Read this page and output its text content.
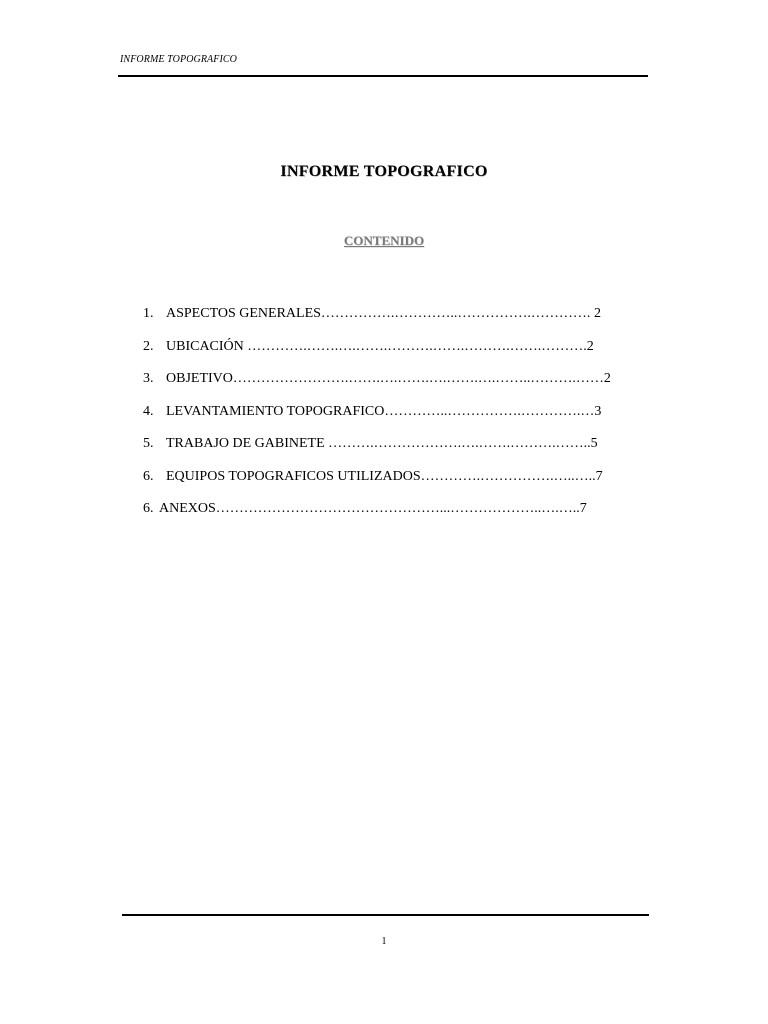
INFORME TOPOGRAFICO
INFORME TOPOGRAFICO
CONTENIDO
1. ASPECTOS GENERALES…………….…………..…………….…………. 2
2. UBICACIÓN ………….…….….…….……….…….……….…….……….2
3. OBJETIVO…………………….…….….…….….…….….……..……….……2
4. LEVANTAMIENTO TOPOGRAFICO…………..…………….………….…3
5. TRABAJO DE GABINETE ……….……………….….…….……….……..5
6. EQUIPOS TOPOGRAFICOS UTILIZADOS………….…………….…..…..7
6. ANEXOS…………………………………………...………………..….…..7
1
